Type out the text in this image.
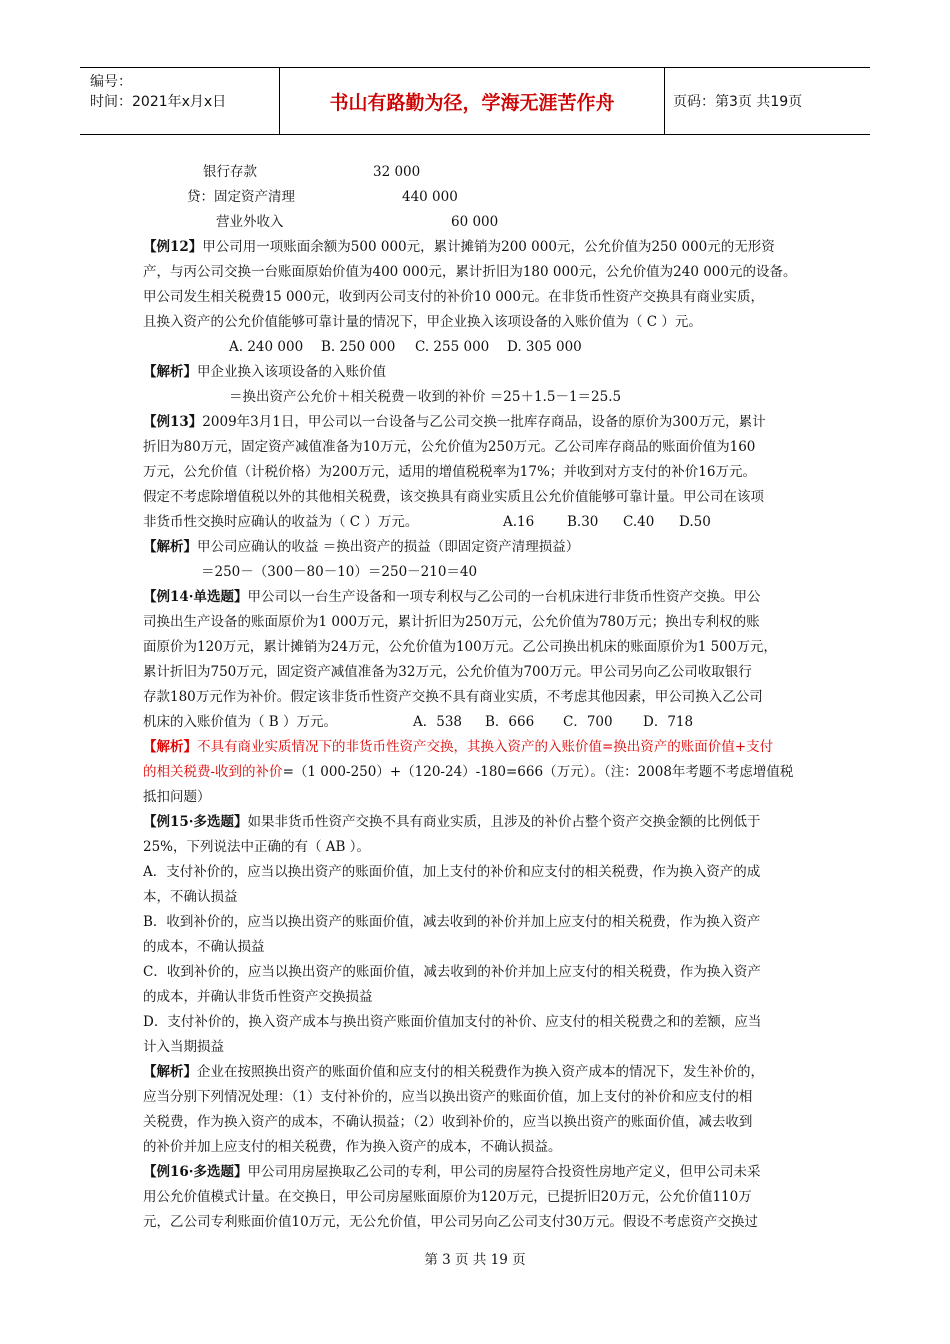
编号：
时间：2021年x月x日	书山有路勤为径，学海无涯苦作舟	页码：第3页 共19页
银行存款	32 000
贷：固定资产清理	440 000
营业外收入	60 000
【例12】甲公司用一项账面余额为500 000元，累计摊销为200 000元，公允价值为250 000元的无形资
产，与丙公司交换一台账面原始价值为400 000元，累计折旧为180 000元，公允价值为240 000元的设备。
甲公司发生相关税费15 000元，收到丙公司支付的补价10 000元。在非货币性资产交换具有商业实质，
且换入资产的公允价值能够可靠计量的情况下，甲企业换入该项设备的入账价值为（ C ）元。
A. 240 000 B. 250 000 C. 255 000 D. 305 000
【解析】甲企业换入该项设备的入账价值
＝换出资产公允价＋相关税费－收到的补价 ＝25＋1.5－1＝25.5
【例13】2009年3月1日，甲公司以一台设备与乙公司交换一批库存商品，设备的原价为300万元，累计
折旧为80万元，固定资产减值准备为10万元，公允价值为250万元。乙公司库存商品的账面价值为160
万元，公允价值（计税价格）为200万元，适用的增值税税率为17%；并收到对方支付的补价16万元。
假定不考虑除增值税以外的其他相关税费，该交换具有商业实质且公允价值能够可靠计量。甲公司在该项
非货币性交换时应确认的收益为（ C ）万元。	A.16 B.30 C.40 D.50
【解析】甲公司应确认的收益 ＝换出资产的损益（即固定资产清理损益）
＝250－（300－80－10）＝250－210＝40
【例14·单选题】甲公司以一台生产设备和一项专利权与乙公司的一台机床进行非货币性资产交换。甲公
司换出生产设备的账面原价为1 000万元，累计折旧为250万元，公允价值为780万元；换出专利权的账
面原价为120万元，累计摊销为24万元，公允价值为100万元。乙公司换出机床的账面原价为1 500万元，
累计折旧为750万元，固定资产减值准备为32万元，公允价值为700万元。甲公司另向乙公司收取银行
存款180万元作为补价。假定该非货币性资产交换不具有商业实质，不考虑其他因素，甲公司换入乙公司
机床的入账价值为（ B ）万元。	A．538 B．666 C．700 D．718
【解析】不具有商业实质情况下的非货币性资产交换，其换入资产的入账价值=换出资产的账面价值+支付
的相关税费-收到的补价=（1 000-250）+（120-24）-180=666（万元）。（注：2008年考题不考虑增值税
抵扣问题）
【例15·多选题】如果非货币性资产交换不具有商业实质，且涉及的补价占整个资产交换金额的比例低于
25%，下列说法中正确的有（ AB ）。
A．支付补价的，应当以换出资产的账面价值，加上支付的补价和应支付的相关税费，作为换入资产的成
本，不确认损益
B．收到补价的，应当以换出资产的账面价值，减去收到的补价并加上应支付的相关税费，作为换入资产
的成本，不确认损益
C．收到补价的，应当以换出资产的账面价值，减去收到的补价并加上应支付的相关税费，作为换入资产
的成本，并确认非货币性资产交换损益
D．支付补价的，换入资产成本与换出资产账面价值加支付的补价、应支付的相关税费之和的差额，应当
计入当期损益
【解析】企业在按照换出资产的账面价值和应支付的相关税费作为换入资产成本的情况下，发生补价的，
应当分别下列情况处理：（1）支付补价的，应当以换出资产的账面价值，加上支付的补价和应支付的相
关税费，作为换入资产的成本，不确认损益；（2）收到补价的，应当以换出资产的账面价值，减去收到
的补价并加上应支付的相关税费，作为换入资产的成本，不确认损益。
【例16·多选题】甲公司用房屋换取乙公司的专利，甲公司的房屋符合投资性房地产定义，但甲公司未采
用公允价值模式计量。在交换日，甲公司房屋账面原价为120万元，已提折旧20万元，公允价值110万
元，乙公司专利账面价值10万元，无公允价值，甲公司另向乙公司支付30万元。假设不考虑资产交换过
第 3 页 共 19 页
